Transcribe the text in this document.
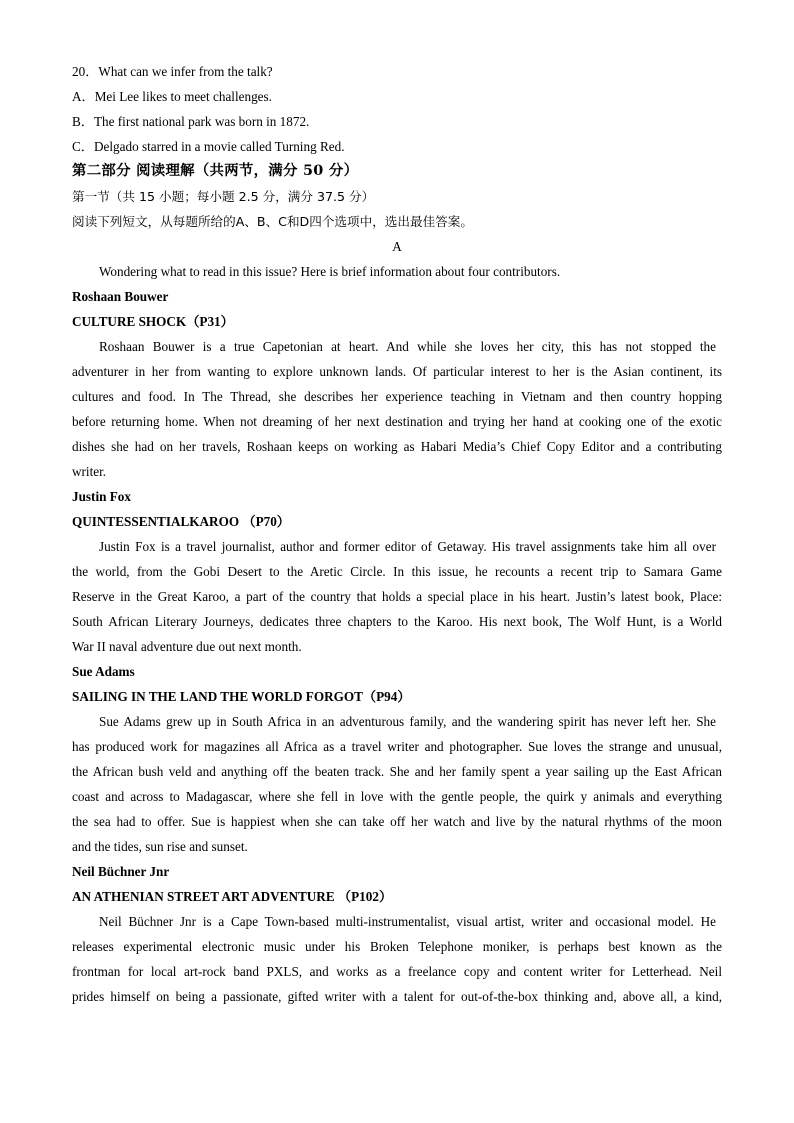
20．What can we infer from the talk?
A．Mei Lee likes to meet challenges.
B．The first national park was born in 1872.
C．Delgado starred in a movie called Turning Red.
第二部分 阅读理解（共两节，满分 50 分）
第一节（共 15 小题；每小题 2.5 分，满分 37.5 分）
阅读下列短文，从每题所给的A、B、C和D四个选项中，选出最佳答案。
A
Wondering what to read in this issue? Here is brief information about four contributors.
Roshaan Bouwer
CULTURE SHOCK（P31）
Roshaan Bouwer is a true Capetonian at heart. And while she loves her city, this has not stopped the
adventurer in her from wanting to explore unknown lands. Of particular interest to her is the Asian continent, its
cultures and food. In The Thread, she describes her experience teaching in Vietnam and then country hopping
before returning home. When not dreaming of her next destination and trying her hand at cooking one of the exotic
dishes she had on her travels, Roshaan keeps on working as Habari Media’s Chief Copy Editor and a contributing
writer.
Justin Fox
QUINTESSENTIALKAROO （P70）
Justin Fox is a travel journalist, author and former editor of Getaway. His travel assignments take him all over
the world, from the Gobi Desert to the Aretic Circle. In this issue, he recounts a recent trip to Samara Game
Reserve in the Great Karoo, a part of the country that holds a special place in his heart. Justin’s latest book, Place:
South African Literary Journeys, dedicates three chapters to the Karoo. His next book, The Wolf Hunt, is a World
War II naval adventure due out next month.
Sue Adams
SAILING IN THE LAND THE WORLD FORGOT（P94）
Sue Adams grew up in South Africa in an adventurous family, and the wandering spirit has never left her. She
has produced work for magazines all Africa as a travel writer and photographer. Sue loves the strange and unusual,
the African bush veld and anything off the beaten track. She and her family spent a year sailing up the East African
coast and across to Madagascar, where she fell in love with the gentle people, the quirk y animals and everything
the sea had to offer. Sue is happiest when she can take off her watch and live by the natural rhythms of the moon
and the tides, sun rise and sunset.
Neil Büchner Jnr
AN ATHENIAN STREET ART ADVENTURE （P102）
Neil Büchner Jnr is a Cape Town-based multi-instrumentalist, visual artist, writer and occasional model. He
releases experimental electronic music under his Broken Telephone moniker, is perhaps best known as the
frontman for local art-rock band PXLS, and works as a freelance copy and content writer for Letterhead. Neil
prides himself on being a passionate, gifted writer with a talent for out-of-the-box thinking and, above all, a kind,
